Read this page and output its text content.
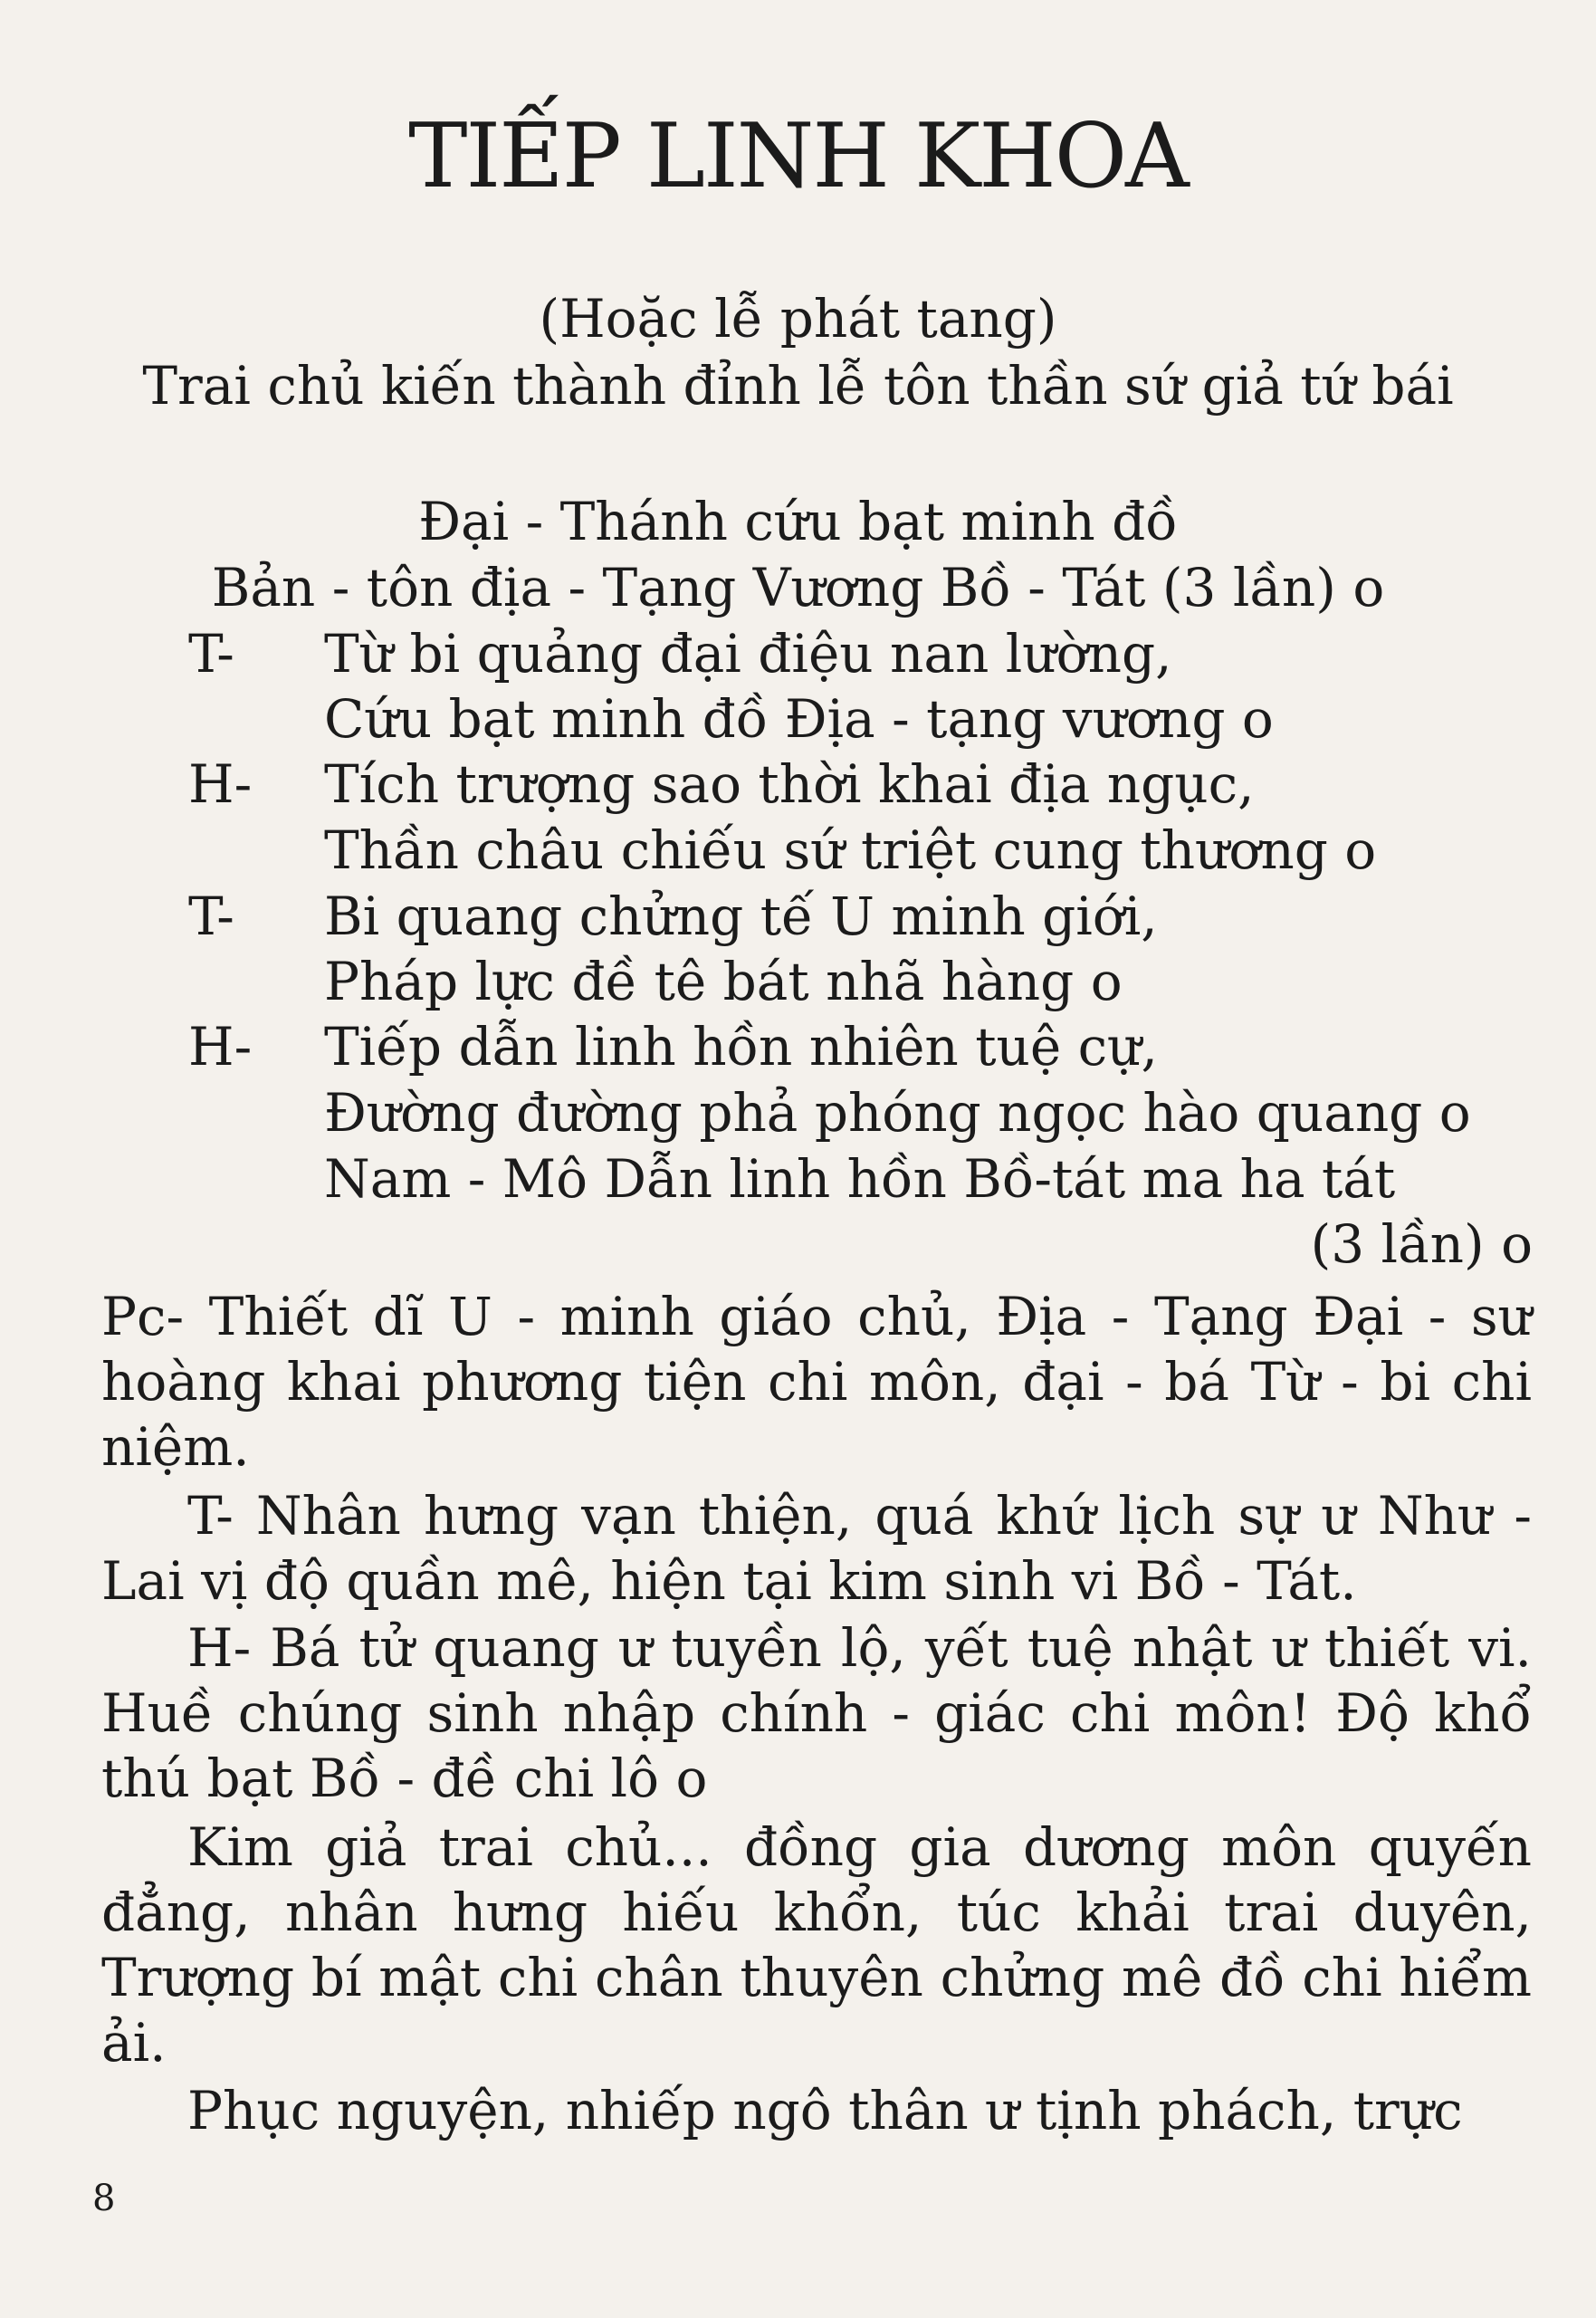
TIẾP LINH KHOA
(Hoặc lễ phát tang)
Trai chủ kiến thành đỉnh lễ tôn thần sứ giả tứ bái
Đại - Thánh cứu bạt minh đồ
Bản - tôn địa - Tạng Vương Bồ - Tát (3 lần) o
T- Từ bi quảng đại điệu nan lường,
Cứu bạt minh đồ Địa - tạng vương o
H- Tích trượng sao thời khai địa ngục,
Thần châu chiếu sứ triệt cung thương o
T- Bi quang chửng tế U minh giới,
Pháp lực đề tê bát nhã hàng o
H- Tiếp dẫn linh hồn nhiên tuệ cự,
Đường đường phả phóng ngọc hào quang o
Nam - Mô Dẫn linh hồn Bồ-tát ma ha tát
(3 lần) o
Pc- Thiết dĩ U - minh giáo chủ, Địa - Tạng Đại - sư hoàng khai phương tiện chi môn, đại - bá Từ - bi chi niệm.
T- Nhân hưng vạn thiện, quá khứ lịch sự ư Như - Lai vị độ quần mê, hiện tại kim sinh vi Bồ - Tát.
H- Bá tử quang ư tuyền lộ, yết tuệ nhật ư thiết vi. Huề chúng sinh nhập chính - giác chi môn! Độ khổ thú bạt Bồ - đề chi lô o
Kim giả trai chủ... đồng gia dương môn quyến đẳng, nhân hưng hiếu khổn, túc khải trai duyên, Trượng bí mật chi chân thuyên chửng mê đồ chi hiểm ải.
Phục nguyện, nhiếp ngô thân ư tịnh phách, trực
8
